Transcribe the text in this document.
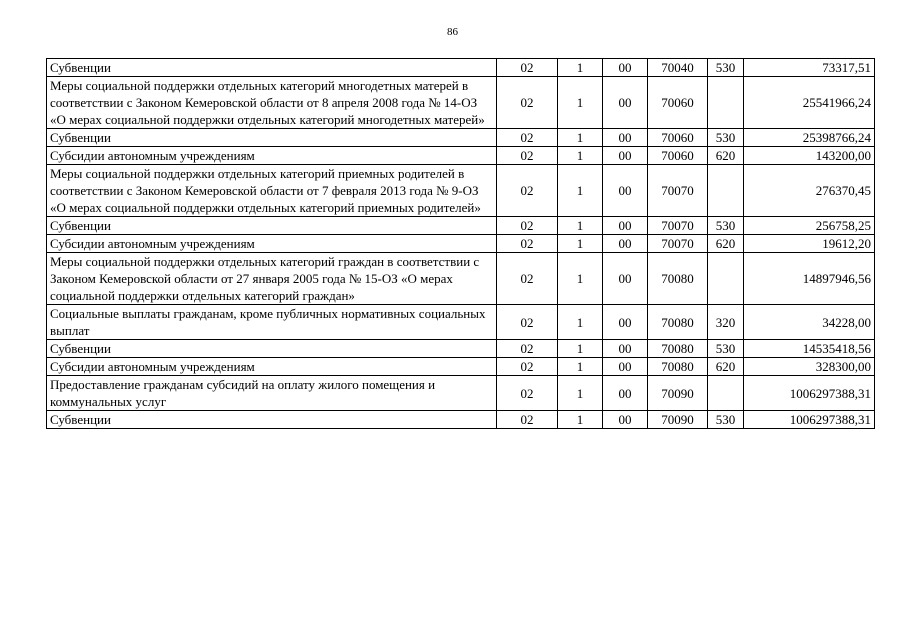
86
Субвенции	02	1	00	70040	530	73317,51
Меры социальной поддержки отдельных категорий многодетных матерей в соответствии с Законом Кемеровской области от 8 апреля 2008 года № 14-ОЗ «О мерах социальной поддержки отдельных категорий многодетных матерей»	02	1	00	70060		25541966,24
Субвенции	02	1	00	70060	530	25398766,24
Субсидии автономным учреждениям	02	1	00	70060	620	143200,00
Меры социальной поддержки отдельных категорий приемных родителей в соответствии с Законом Кемеровской области от 7 февраля 2013 года № 9-ОЗ «О мерах социальной поддержки отдельных категорий приемных родителей»	02	1	00	70070		276370,45
Субвенции	02	1	00	70070	530	256758,25
Субсидии автономным учреждениям	02	1	00	70070	620	19612,20
Меры социальной поддержки отдельных категорий граждан в соответствии с Законом Кемеровской области от 27 января 2005 года № 15-ОЗ «О мерах социальной поддержки отдельных категорий граждан»	02	1	00	70080		14897946,56
Социальные выплаты гражданам, кроме публичных нормативных социальных выплат	02	1	00	70080	320	34228,00
Субвенции	02	1	00	70080	530	14535418,56
Субсидии автономным учреждениям	02	1	00	70080	620	328300,00
Предоставление гражданам субсидий на оплату жилого помещения и коммунальных услуг	02	1	00	70090		1006297388,31
Субвенции	02	1	00	70090	530	1006297388,31
